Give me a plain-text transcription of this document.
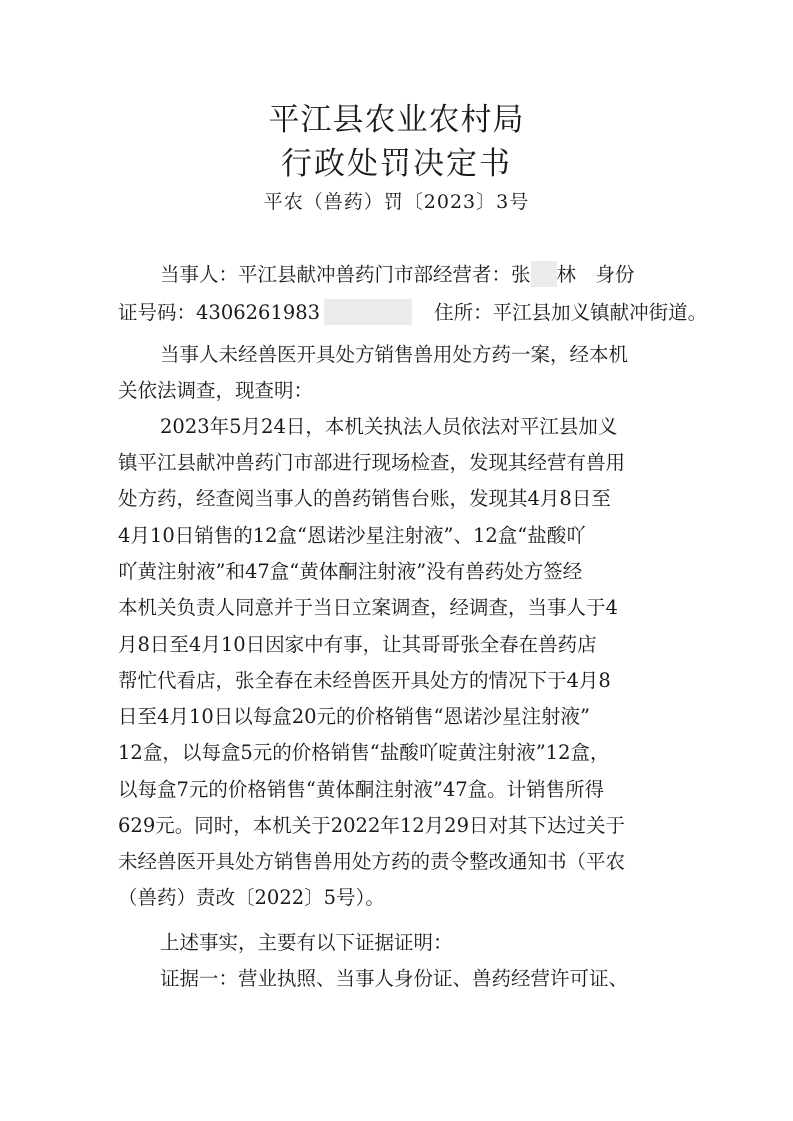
平江县农业农村局
行政处罚决定书
平农（兽药）罚〔2023〕3号
当事人：平江县献冲兽药门市部经营者：张 林　身份
证号码：4306261983	住所：平江县加义镇献冲街道。
当事人未经兽医开具处方销售兽用处方药一案，经本机
关依法调查，现查明：
2023年5月24日，本机关执法人员依法对平江县加义
镇平江县献冲兽药门市部进行现场检查，发现其经营有兽用
处方药，经查阅当事人的兽药销售台账，发现其4月8日至
4月10日销售的12盒“恩诺沙星注射液”、12盒“盐酸吖
吖黄注射液”和47盒“黄体酮注射液”没有兽药处方签经
本机关负责人同意并于当日立案调查，经调查，当事人于4
月8日至4月10日因家中有事，让其哥哥张全春在兽药店
帮忙代看店，张全春在未经兽医开具处方的情况下于4月8
日至4月10日以每盒20元的价格销售“恩诺沙星注射液”
12盒，以每盒5元的价格销售“盐酸吖啶黄注射液”12盒，
以每盒7元的价格销售“黄体酮注射液”47盒。计销售所得
629元。同时，本机关于2022年12月29日对其下达过关于
未经兽医开具处方销售兽用处方药的责令整改通知书（平农
（兽药）责改〔2022〕5号）。
上述事实，主要有以下证据证明：
证据一：营业执照、当事人身份证、兽药经营许可证、
